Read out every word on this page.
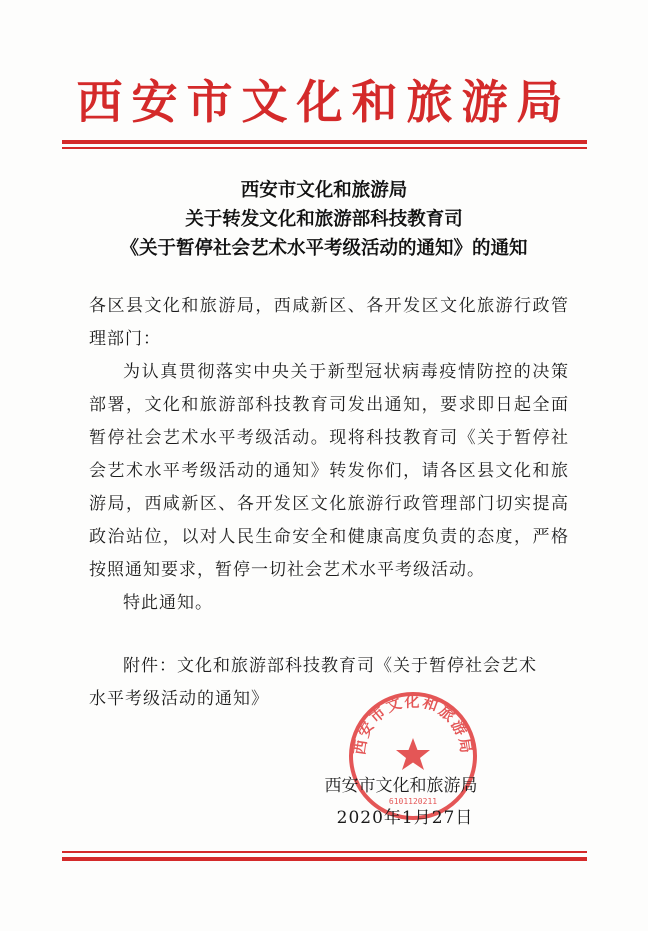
西安市文化和旅游局
西安市文化和旅游局
关于转发文化和旅游部科技教育司
《关于暂停社会艺术水平考级活动的通知》的通知

各区县文化和旅游局，西咸新区、各开发区文化旅游行政管理部门：

为认真贯彻落实中央关于新型冠状病毒疫情防控的决策部署，文化和旅游部科技教育司发出通知，要求即日起全面暂停社会艺术水平考级活动。现将科技教育司《关于暂停社会艺术水平考级活动的通知》转发你们，请各区县文化和旅游局，西咸新区、各开发区文化旅游行政管理部门切实提高政治站位，以对人民生命安全和健康高度负责的态度，严格按照通知要求，暂停一切社会艺术水平考级活动。

特此通知。

附件：文化和旅游部科技教育司《关于暂停社会艺术
水平考级活动的通知》
西安市文化和旅游局
6101120211
西安市文化和旅游局
2020年1月27日
